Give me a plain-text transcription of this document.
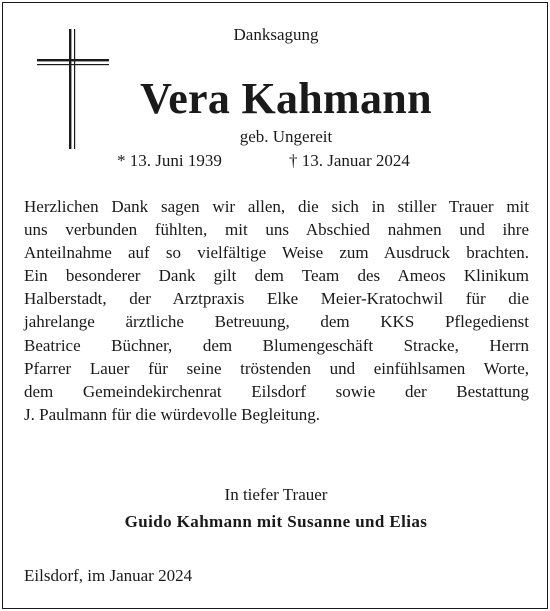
Danksagung
Vera Kahmann
geb. Ungereit
* 13. Juni 1939	† 13. Januar 2024
Herzlichen Dank sagen wir allen, die sich in stiller Trauer mit
uns verbunden fühlten, mit uns Abschied nahmen und ihre
Anteilnahme auf so vielfältige Weise zum Ausdruck brachten.
Ein besonderer Dank gilt dem Team des Ameos Klinikum
Halberstadt, der Arztpraxis Elke Meier-Kratochwil für die
jahrelange ärztliche Betreuung, dem KKS Pflegedienst
Beatrice Büchner, dem Blumengeschäft Stracke, Herrn
Pfarrer Lauer für seine tröstenden und einfühlsamen Worte,
dem Gemeindekirchenrat Eilsdorf sowie der Bestattung
J. Paulmann für die würdevolle Begleitung.
In tiefer Trauer
Guido Kahmann mit Susanne und Elias
Eilsdorf, im Januar 2024
